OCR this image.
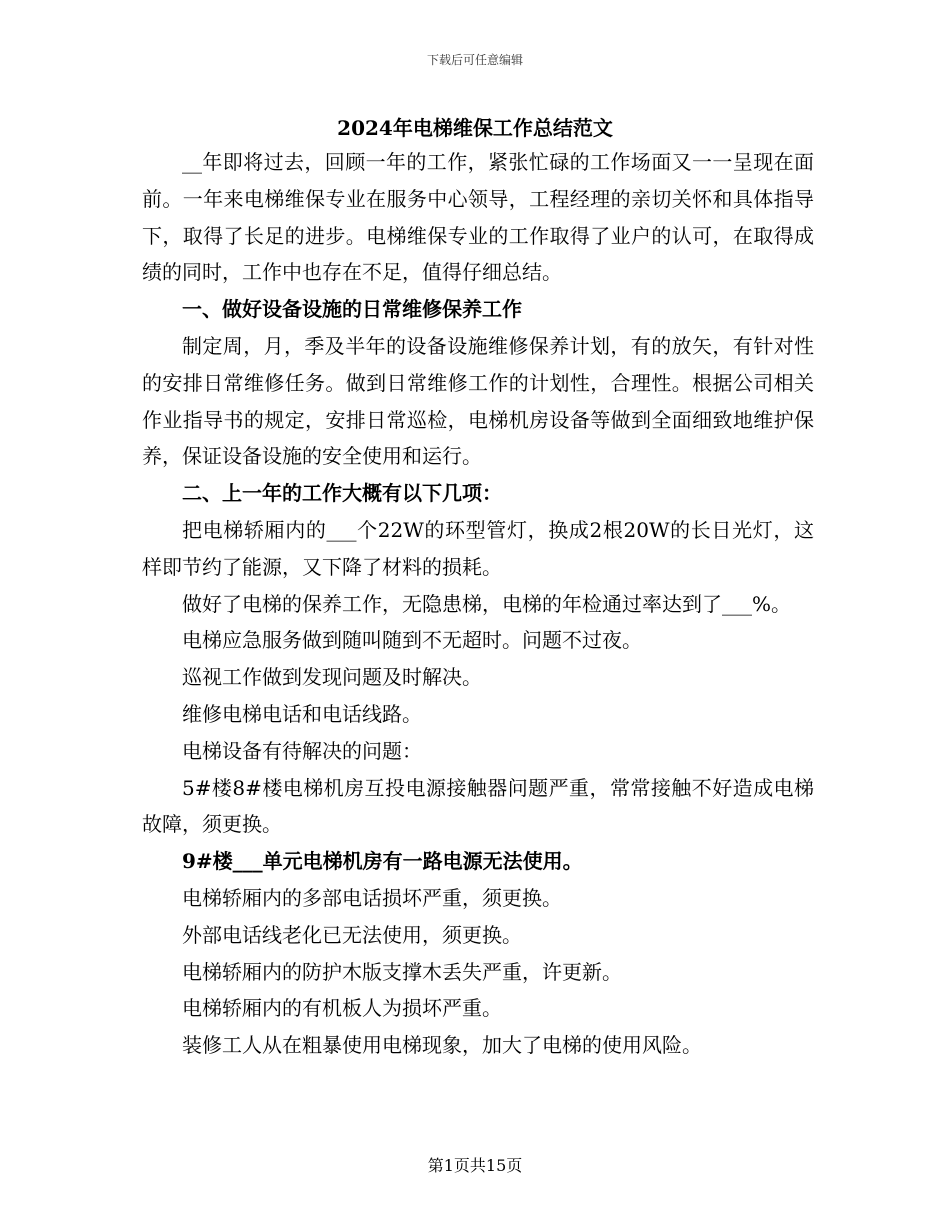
下载后可任意编辑
2024年电梯维保工作总结范文

__年即将过去，回顾一年的工作，紧张忙碌的工作场面又一一呈现在面前。一年来电梯维保专业在服务中心领导，工程经理的亲切关怀和具体指导下，取得了长足的进步。电梯维保专业的工作取得了业户的认可，在取得成绩的同时，工作中也存在不足，值得仔细总结。

一、做好设备设施的日常维修保养工作

制定周，月，季及半年的设备设施维修保养计划，有的放矢，有针对性的安排日常维修任务。做到日常维修工作的计划性，合理性。根据公司相关作业指导书的规定，安排日常巡检，电梯机房设备等做到全面细致地维护保养，保证设备设施的安全使用和运行。

二、上一年的工作大概有以下几项：

把电梯轿厢内的___个22W的环型管灯，换成2根20W的长日光灯，这样即节约了能源，又下降了材料的损耗。

做好了电梯的保养工作，无隐患梯，电梯的年检通过率达到了___%。

电梯应急服务做到随叫随到不无超时。问题不过夜。

巡视工作做到发现问题及时解决。

维修电梯电话和电话线路。

电梯设备有待解决的问题：

5#楼8#楼电梯机房互投电源接触器问题严重，常常接触不好造成电梯故障，须更换。

9#楼___单元电梯机房有一路电源无法使用。

电梯轿厢内的多部电话损坏严重，须更换。

外部电话线老化已无法使用，须更换。

电梯轿厢内的防护木版支撑木丢失严重，许更新。

电梯轿厢内的有机板人为损坏严重。

装修工人从在粗暴使用电梯现象，加大了电梯的使用风险。

第1页共15页
